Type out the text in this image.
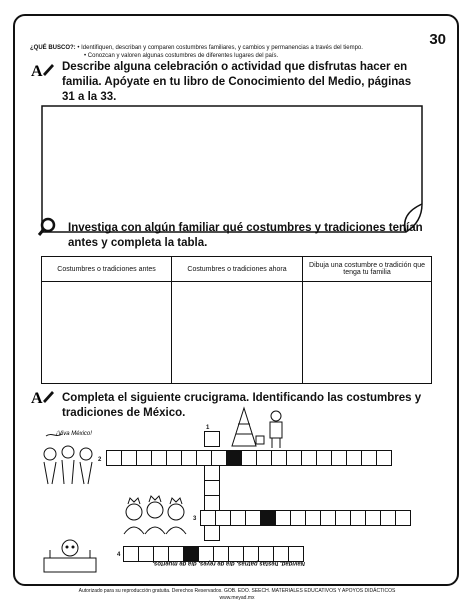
30
¿QUÉ BUSCO?: • Identifiquen, describan y comparen costumbres familiares, y cambios y permanencias a través del tiempo.
• Conozcan y valoren algunas costumbres de diferentes lugares del país.
A Describe alguna celebración o actividad que disfrutas hacer en familia. Apóyate en tu libro de Conocimiento del Medio, páginas 31 a la 33.
Investiga con algún familiar qué costumbres y tradiciones tenían antes y completa la tabla.
Costumbres o tradiciones antes	Costumbres o tradiciones ahora	Dibuja una costumbre o tradición que tenga tu familia
A Completa el siguiente crucigrama. Identificando las costumbres y tradiciones de México.
¡Viva México!
1
2
3
4
Navidad, fiestas patrias, día de reyes, día de muertos.
Autorizado para su reproducción gratuita. Derechos Reservados. GOB. EDO. SEECH. MATERIALES EDUCATIVOS Y APOYOS DIDÁCTICOS
www.meyad.mx
